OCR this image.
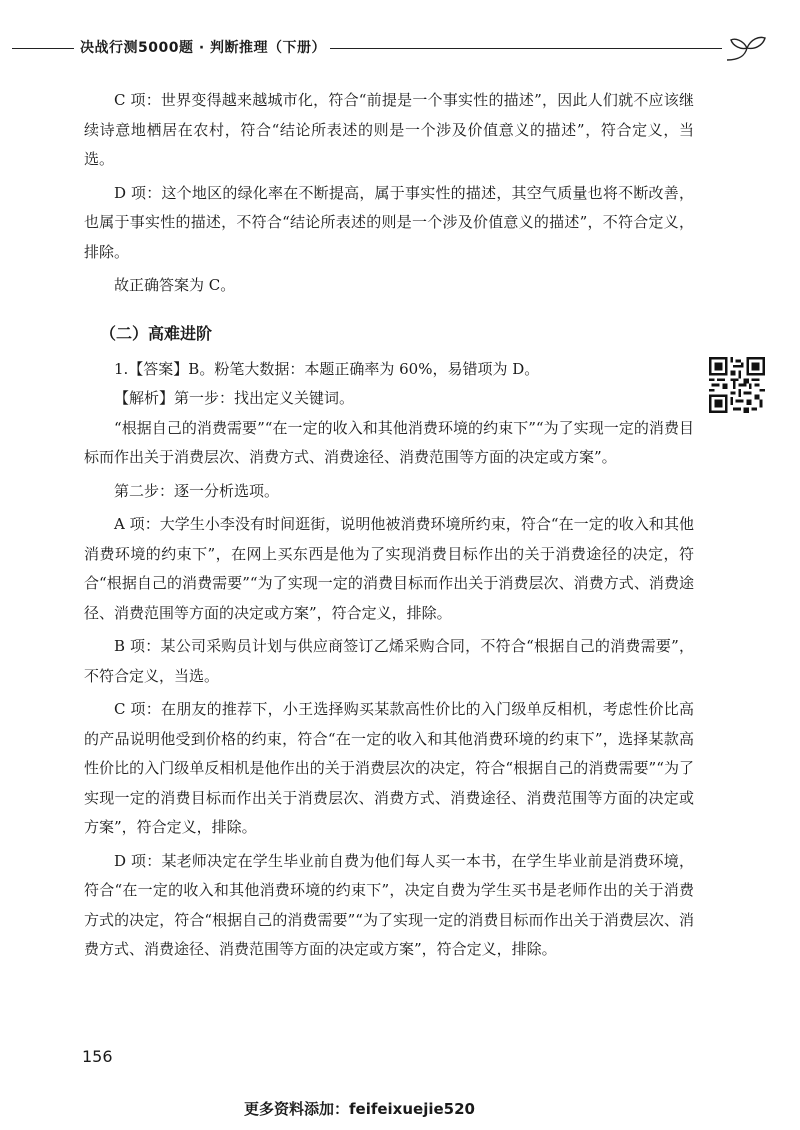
决战行测5000题 · 判断推理（下册）

C 项：世界变得越来越城市化，符合“前提是一个事实性的描述”，因此人们就不应该继续诗意地栖居在农村，符合“结论所表述的则是一个涉及价值意义的描述”，符合定义，当选。

D 项：这个地区的绿化率在不断提高，属于事实性的描述，其空气质量也将不断改善，也属于事实性的描述，不符合“结论所表述的则是一个涉及价值意义的描述”，不符合定义，排除。

故正确答案为 C。

（二）高难进阶

1.【答案】B。粉笔大数据：本题正确率为 60%，易错项为 D。

【解析】第一步：找出定义关键词。

“根据自己的消费需要”“在一定的收入和其他消费环境的约束下”“为了实现一定的消费目标而作出关于消费层次、消费方式、消费途径、消费范围等方面的决定或方案”。

第二步：逐一分析选项。

A 项：大学生小李没有时间逛街，说明他被消费环境所约束，符合“在一定的收入和其他消费环境的约束下”，在网上买东西是他为了实现消费目标作出的关于消费途径的决定，符合“根据自己的消费需要”“为了实现一定的消费目标而作出关于消费层次、消费方式、消费途径、消费范围等方面的决定或方案”，符合定义，排除。

B 项：某公司采购员计划与供应商签订乙烯采购合同，不符合“根据自己的消费需要”，不符合定义，当选。

C 项：在朋友的推荐下，小王选择购买某款高性价比的入门级单反相机，考虑性价比高的产品说明他受到价格的约束，符合“在一定的收入和其他消费环境的约束下”，选择某款高性价比的入门级单反相机是他作出的关于消费层次的决定，符合“根据自己的消费需要”“为了实现一定的消费目标而作出关于消费层次、消费方式、消费途径、消费范围等方面的决定或方案”，符合定义，排除。

D 项：某老师决定在学生毕业前自费为他们每人买一本书，在学生毕业前是消费环境，符合“在一定的收入和其他消费环境的约束下”，决定自费为学生买书是老师作出的关于消费方式的决定，符合“根据自己的消费需要”“为了实现一定的消费目标而作出关于消费层次、消费方式、消费途径、消费范围等方面的决定或方案”，符合定义，排除。

156
更多资料添加：feifeixuejie520
